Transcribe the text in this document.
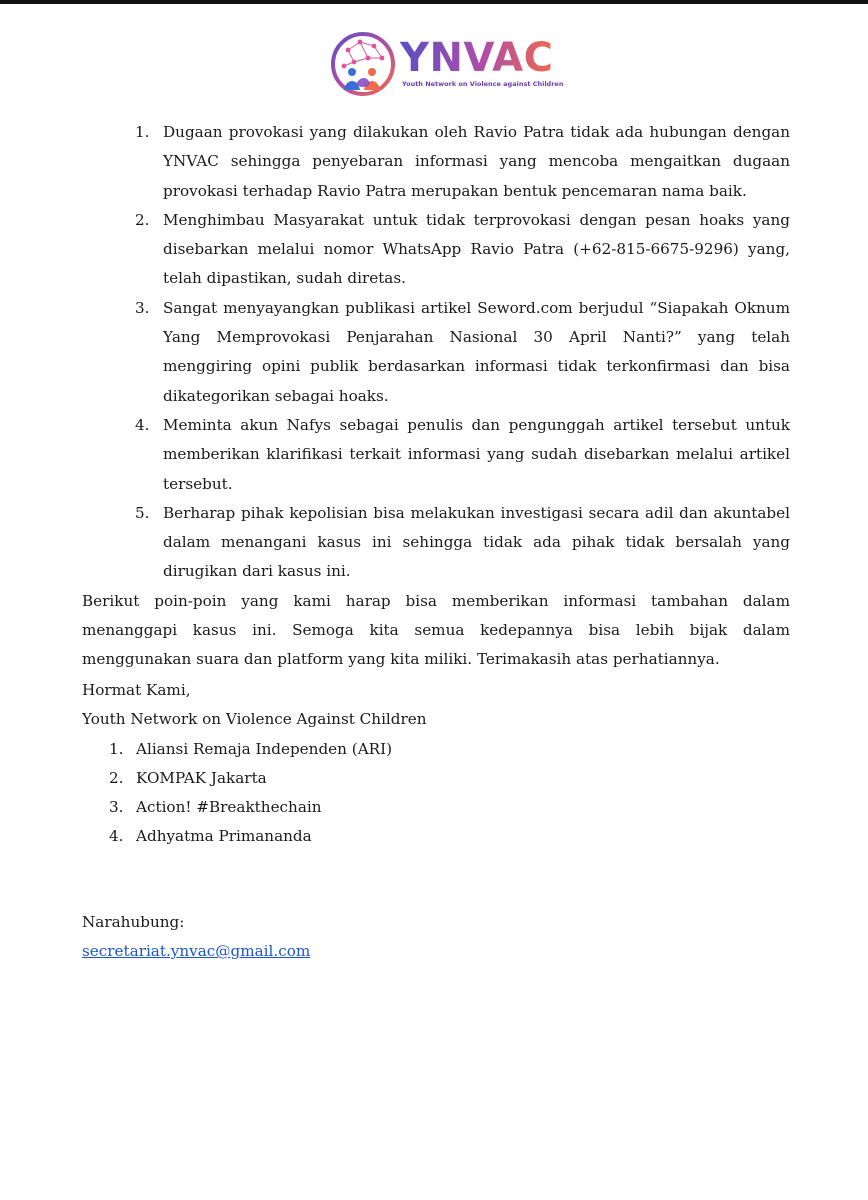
YNVAC
Youth Network on Violence against Children
1. Dugaan provokasi yang dilakukan oleh Ravio Patra tidak ada hubungan dengan YNVAC sehingga penyebaran informasi yang mencoba mengaitkan dugaan provokasi terhadap Ravio Patra merupakan bentuk pencemaran nama baik.
2. Menghimbau Masyarakat untuk tidak terprovokasi dengan pesan hoaks yang disebarkan melalui nomor WhatsApp Ravio Patra (+62-815-6675-9296) yang, telah dipastikan, sudah diretas.
3. Sangat menyayangkan publikasi artikel Seword.com berjudul “Siapakah Oknum Yang Memprovokasi Penjarahan Nasional 30 April Nanti?” yang telah menggiring opini publik berdasarkan informasi tidak terkonfirmasi dan bisa dikategorikan sebagai hoaks.
4. Meminta akun Nafys sebagai penulis dan pengunggah artikel tersebut untuk memberikan klarifikasi terkait informasi yang sudah disebarkan melalui artikel tersebut.
5. Berharap pihak kepolisian bisa melakukan investigasi secara adil dan akuntabel dalam menangani kasus ini sehingga tidak ada pihak tidak bersalah yang dirugikan dari kasus ini.

Berikut poin-poin yang kami harap bisa memberikan informasi tambahan dalam menanggapi kasus ini. Semoga kita semua kedepannya bisa lebih bijak dalam menggunakan suara dan platform yang kita miliki. Terimakasih atas perhatiannya.

Hormat Kami,

Youth Network on Violence Against Children

1. Aliansi Remaja Independen (ARI)
2. KOMPAK Jakarta
3. Action! #Breakthechain
4. Adhyatma Primananda

Narahubung:

secretariat.ynvac@gmail.com
